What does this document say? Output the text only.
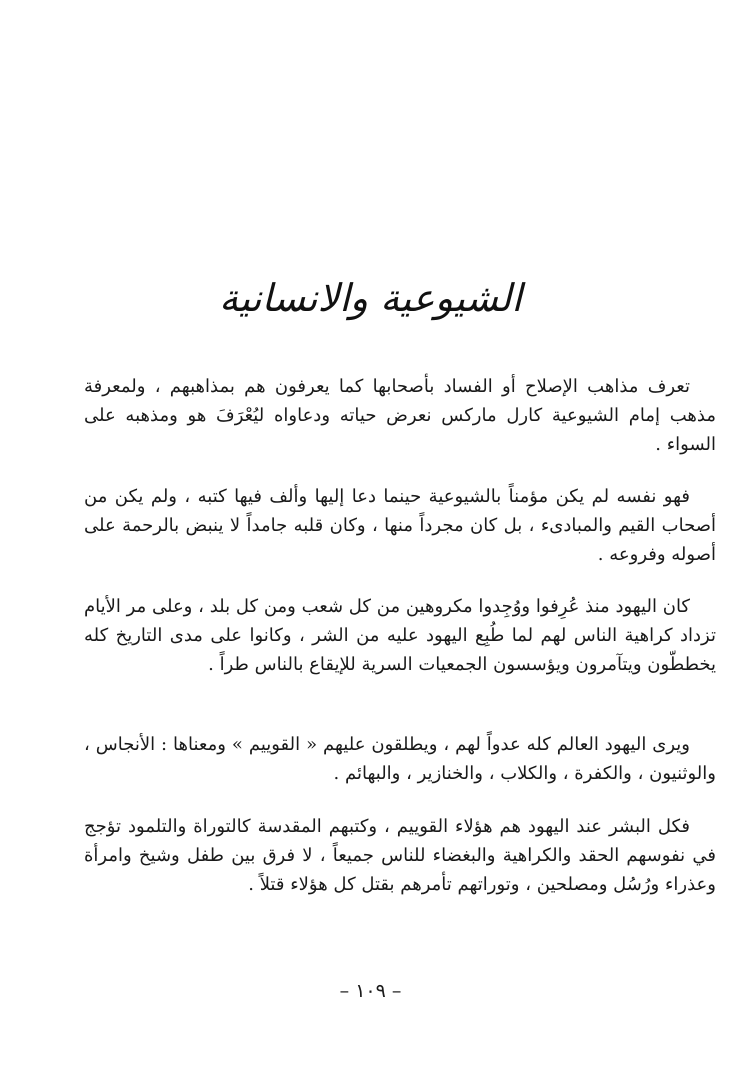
الشيوعية والانسانية

تعرف مذاهب الإصلاح أو الفساد بأصحابها كما يعرفون هم بمذاهبهم ، ولمعرفة مذهب إمام الشيوعية كارل ماركس نعرض حياته ودعاواه ليُعْرَفَ هو ومذهبه على السواء .

فهو نفسه لم يكن مؤمناً بالشيوعية حينما دعا إليها وألف فيها كتبه ، ولم يكن من أصحاب القيم والمبادىء ، بل كان مجرداً منها ، وكان قلبه جامداً لا ينبض بالرحمة على أصوله وفروعه .

كان اليهود منذ عُرِفوا ووُجِدوا مكروهين من كل شعب ومن كل بلد ، وعلى مر الأيام تزداد كراهية الناس لهم لما طُبِع اليهود عليه من الشر ، وكانوا على مدى التاريخ كله يخططّون ويتآمرون ويؤسسون الجمعيات السرية للإيقاع بالناس طراً .

ويرى اليهود العالم كله عدواً لهم ، ويطلقون عليهم « القوييم » ومعناها : الأنجاس ، والوثنيون ، والكفرة ، والكلاب ، والخنازير ، والبهائم .

فكل البشر عند اليهود هم هؤلاء القوييم ، وكتبهم المقدسة كالتوراة والتلمود تؤجج في نفوسهم الحقد والكراهية والبغضاء للناس جميعاً ، لا فرق بين طفل وشيخ وامرأة وعذراء ورُسُل ومصلحين ، وتوراتهم تأمرهم بقتل كل هؤلاء قتلاً .

– ١٠٩ –
